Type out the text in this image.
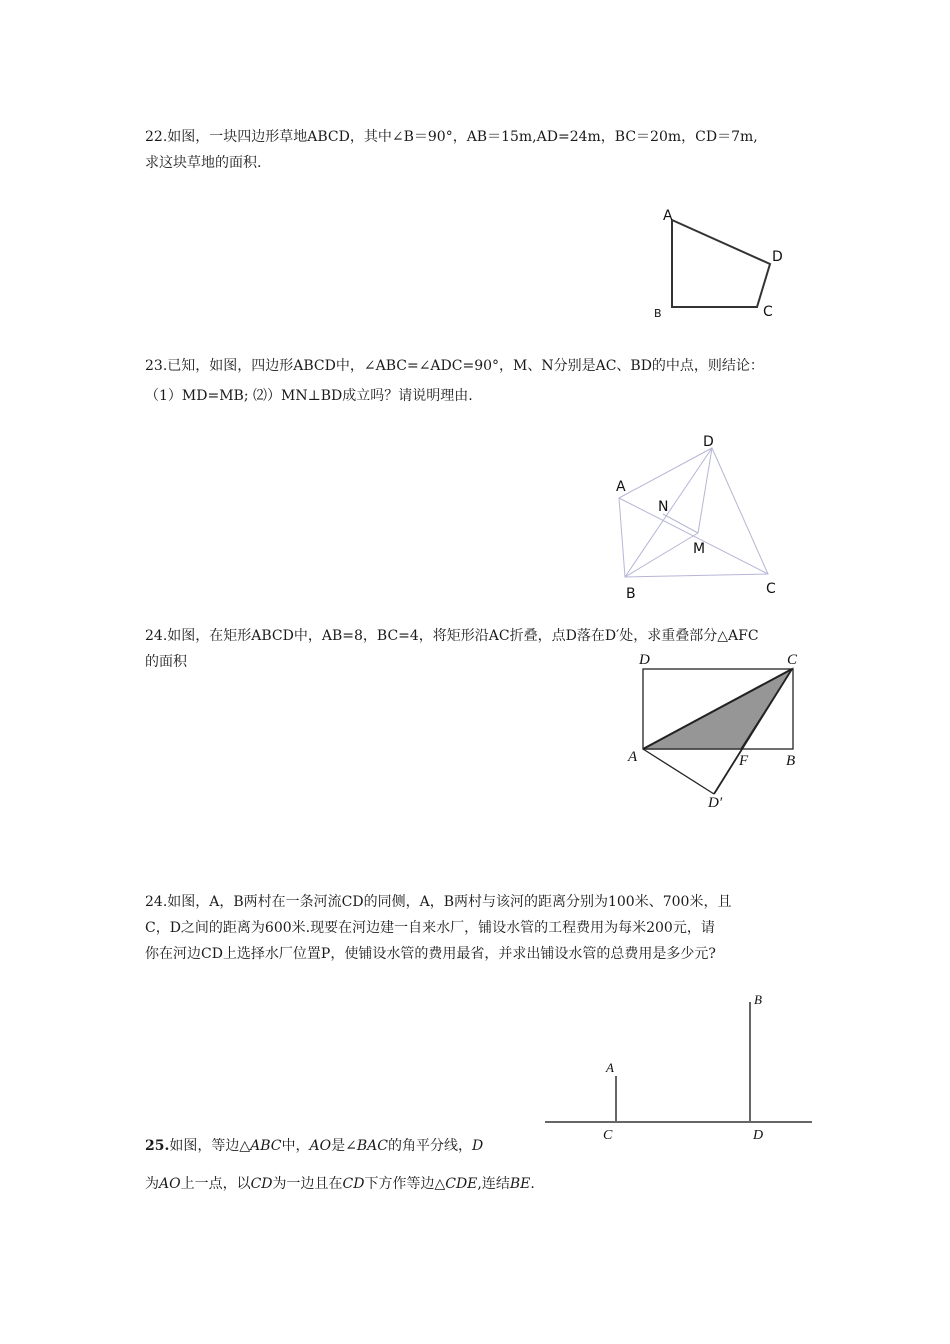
22.如图，一块四边形草地ABCD，其中∠B＝90°，AB＝15m,AD=24m，BC＝20m，CD＝7m,
求这块草地的面积.
A
B	C
D
23.已知，如图，四边形ABCD中，∠ABC=∠ADC=90°，M、N分别是AC、BD的中点，则结论：
（1）MD=MB; ⑵）MN⊥BD成立吗？请说明理由.
D
A
N
M
B	C
24.如图，在矩形ABCD中，AB=8，BC=4，将矩形沿AC折叠，点D落在D′处，求重叠部分△AFC
的面积	D	C
A	F	B
D′
24.如图，A，B两村在一条河流CD的同侧，A，B两村与该河的距离分别为100米、700米，且
C，D之间的距离为600米.现要在河边建一自来水厂，铺设水管的工程费用为每米200元，请
你在河边CD上选择水厂位置P，使铺设水管的费用最省，并求出铺设水管的总费用是多少元?
A
B
C	D
25.如图，等边△ABC中，AO是∠BAC的角平分线，D
为AO上一点，以CD为一边且在CD下方作等边△CDE,连结BE.
